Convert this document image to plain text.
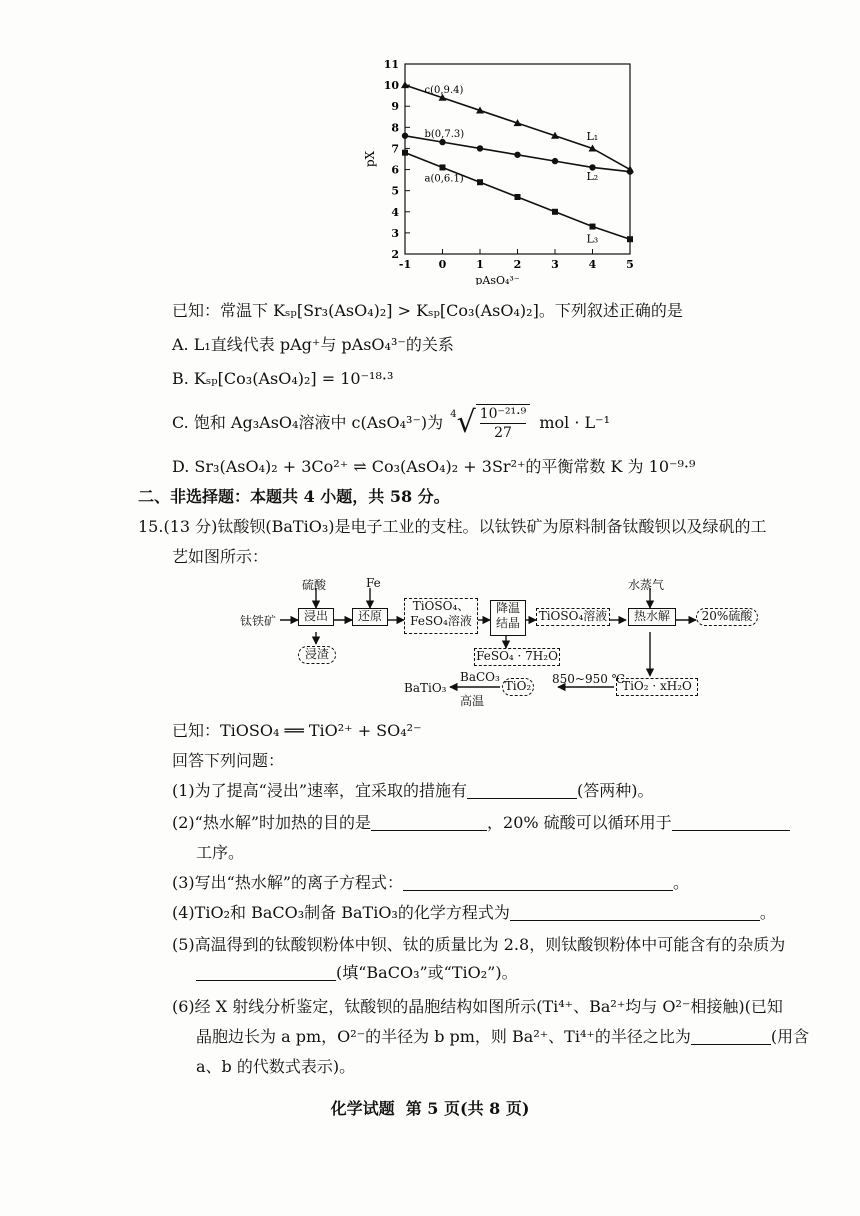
-1	0	1	2	3	4	5
2
3
4
5
6
7
8
9
10
11
c(0,9.4)
b(0,7.3)
a(0,6.1)
L₁
L₂
L₃
pX
pAsO₄³⁻
已知：常温下 Kₛₚ[Sr₃(AsO₄)₂] > Kₛₚ[Co₃(AsO₄)₂]。下列叙述正确的是
A. L₁直线代表 pAg⁺与 pAsO₄³⁻的关系
B. Kₛₚ[Co₃(AsO₄)₂] = 10⁻¹⁸·³
C. 饱和 Ag₃AsO₄溶液中 c(AsO₄³⁻)为 $^4√ \frac{\text{10⁻²¹·⁹}}{27}$ mol · L⁻¹
D. Sr₃(AsO₄)₂ + 3Co²⁺ ⇌ Co₃(AsO₄)₂ + 3Sr²⁺的平衡常数 K 为 10⁻⁹·⁹
二、非选择题：本题共 4 小题，共 58 分。
15.(13 分)钛酸钡(BaTiO₃)是电子工业的支柱。以钛铁矿为原料制备钛酸钡以及绿矾的工
艺如图所示：
钛铁矿
硫酸	Fe
浸出
浸渣
还原
TiOSO₄、
FeSO₄溶液
降温
结晶	TiOSO₄溶液
水蒸气
热水解	20%硫酸
FeSO₄ · 7H₂O
TiO₂ · xH₂O
850~950 ℃
TiO₂
BaCO₃
高温
BaTiO₃
已知：TiOSO₄ ══ TiO²⁺ + SO₄²⁻
回答下列问题：
(1)为了提高“浸出”速率，宜采取的措施有	(答两种)。
(2)“热水解”时加热的目的是	，20% 硫酸可以循环用于
工序。
(3)写出“热水解”的离子方程式：	。
(4)TiO₂和 BaCO₃制备 BaTiO₃的化学方程式为	。
(5)高温得到的钛酸钡粉体中钡、钛的质量比为 2.8，则钛酸钡粉体中可能含有的杂质为
(填“BaCO₃”或“TiO₂”)。
(6)经 X 射线分析鉴定，钛酸钡的晶胞结构如图所示(Ti⁴⁺、Ba²⁺均与 O²⁻相接触)(已知
晶胞边长为 a pm，O²⁻的半径为 b pm，则 Ba²⁺、Ti⁴⁺的半径之比为	(用含
a、b 的代数式表示)。
化学试题  第 5 页(共 8 页)
